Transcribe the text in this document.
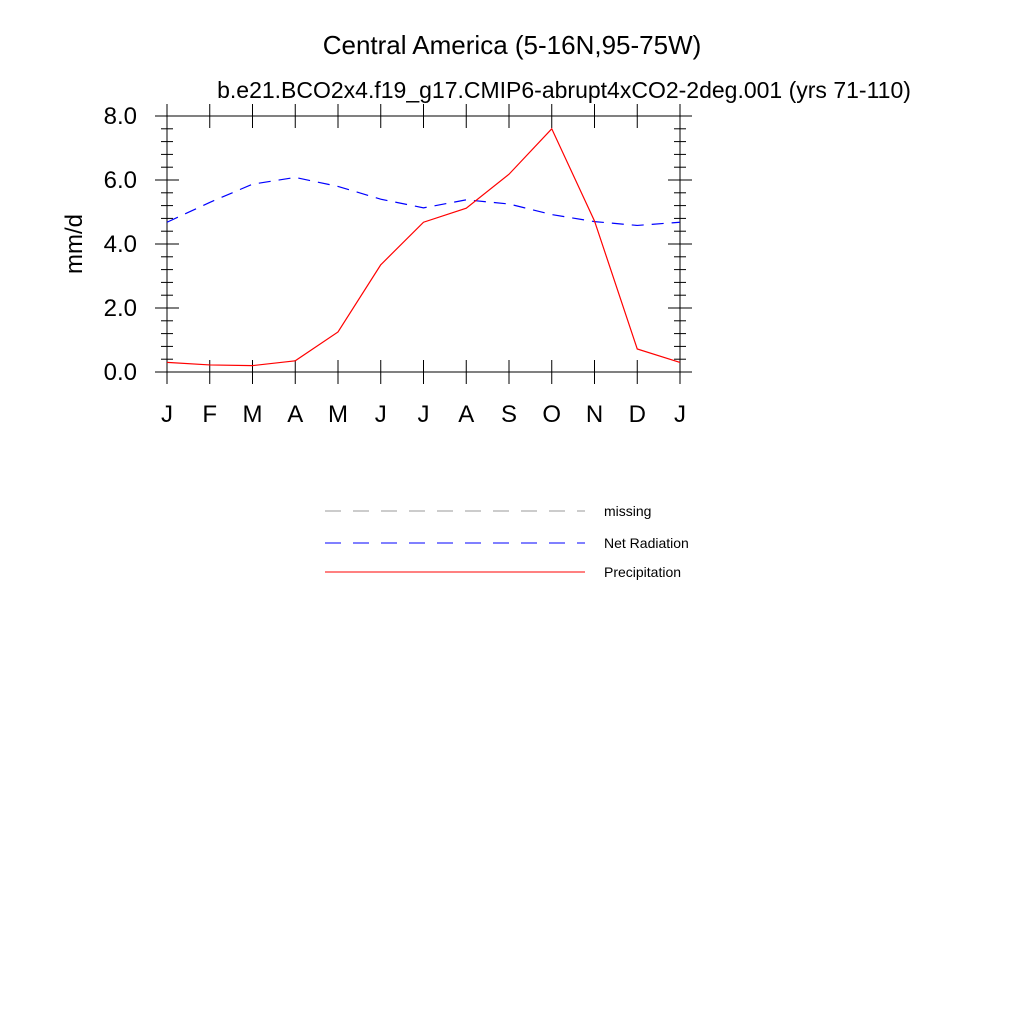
Central America (5-16N,95-75W)
b.e21.BCO2x4.f19_g17.CMIP6-abrupt4xCO2-2deg.001 (yrs 71-110)
mm/d
0.0
2.0
4.0
6.0
8.0
J F M A M J J A S O N D J
missing
Net Radiation
Precipitation
